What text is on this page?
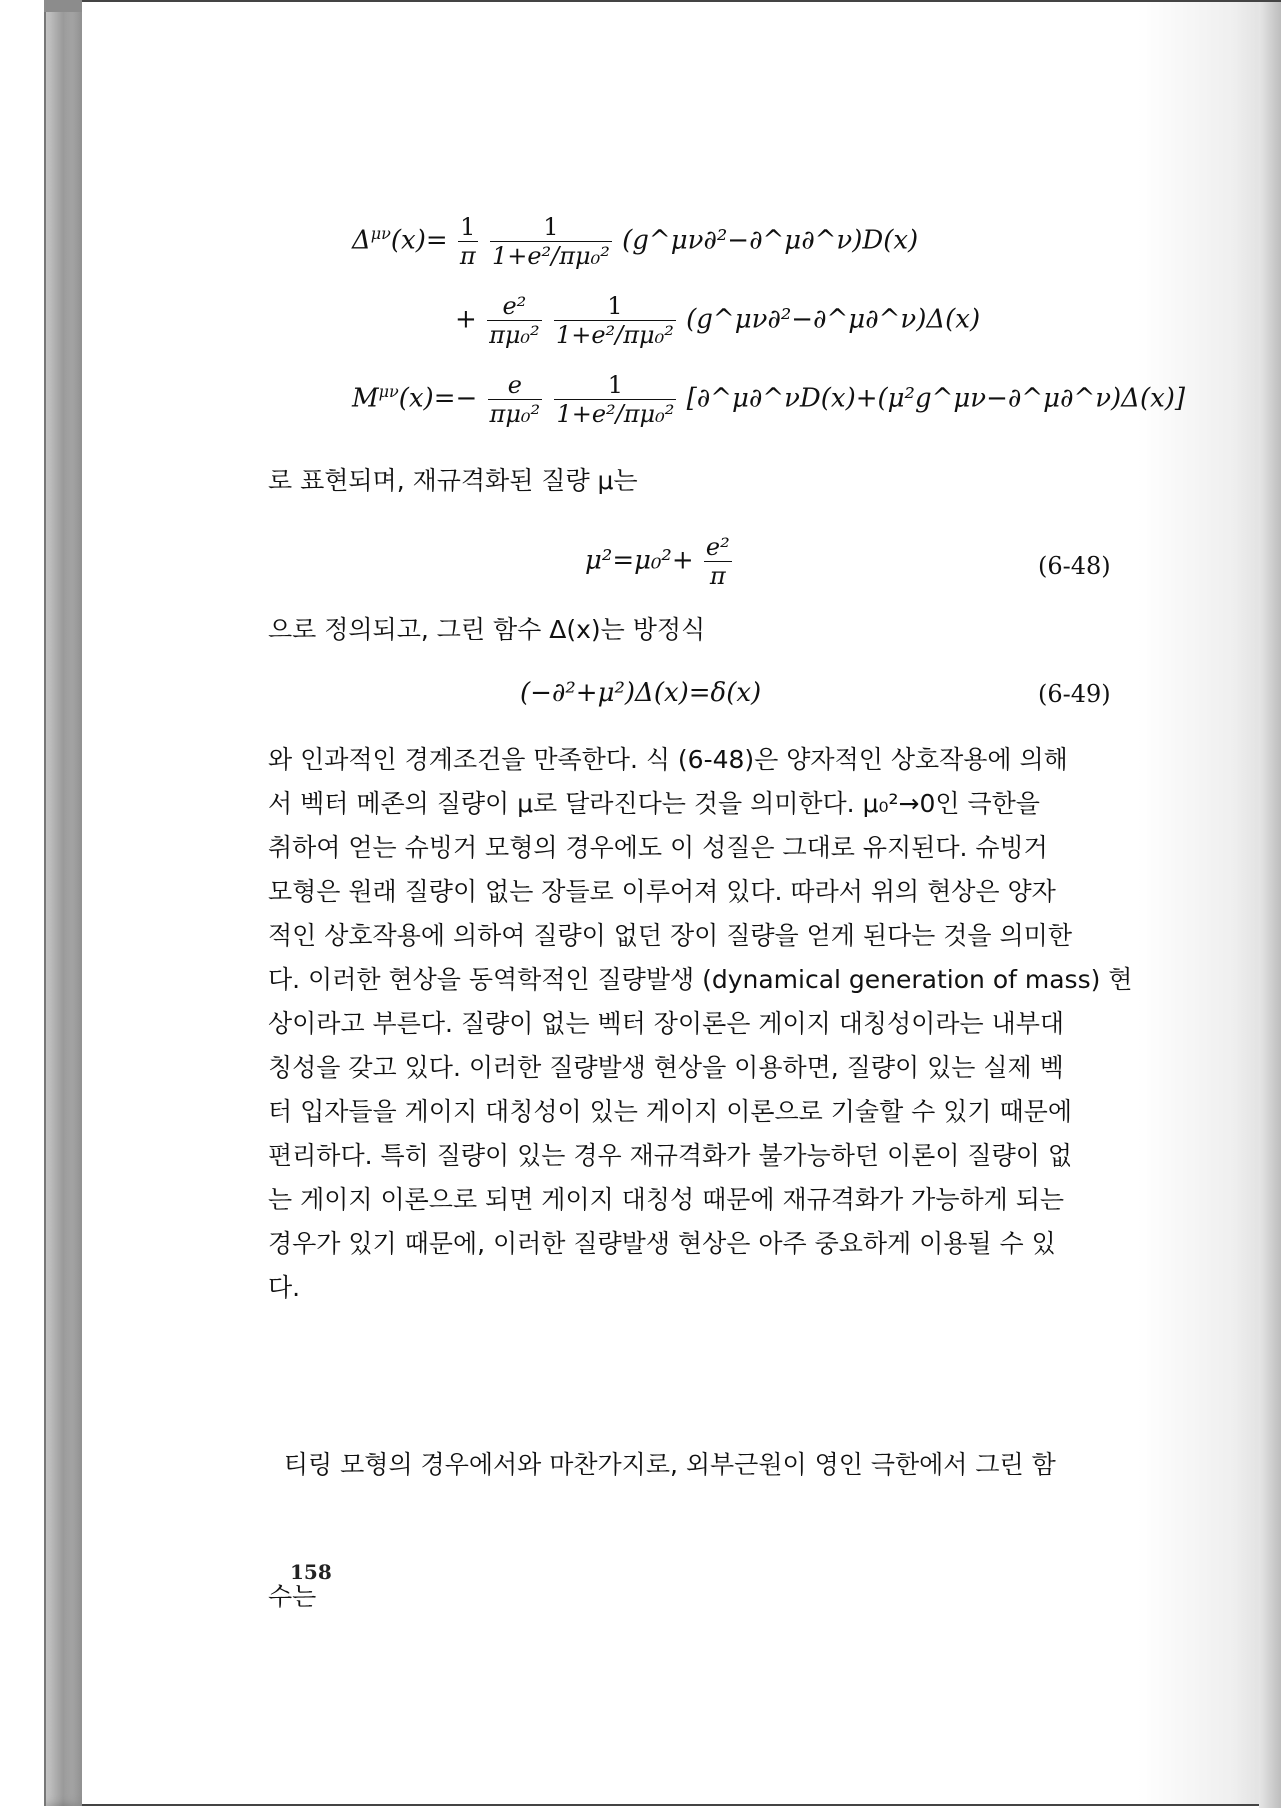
$\Delta^{\mu\nu}(x)= \frac{1}{\pi}$
$\frac{1}{\text{1+e²/πμ₀²}}$ (g^μν∂²−∂^μ∂^ν)D(x)
+ $\frac{\text{e²}}{\text{πμ₀²}}$
$\frac{1}{\text{1+e²/πμ₀²}}$ (g^μν∂²−∂^μ∂^ν)Δ(x)
$M^{\mu\nu}(x)=- \frac{e}{\text{πμ₀²}}$
$\frac{1}{\text{1+e²/πμ₀²}}$ [∂^μ∂^νD(x)+(μ²g^μν−∂^μ∂^ν)Δ(x)]
로 표현되며, 재규격화된 질량 μ는
$\mu^2=\mu_0^2+ \frac{\text{e²}}{\pi}$	(6-48)
으로 정의되고, 그린 함수 Δ(x)는 방정식
(−∂²+μ²)Δ(x)=δ(x)	(6-49)
와 인과적인 경계조건을 만족한다. 식 (6-48)은 양자적인 상호작용에 의해
서 벡터 메존의 질량이 μ로 달라진다는 것을 의미한다. μ₀²→0인 극한을
취하여 얻는 슈빙거 모형의 경우에도 이 성질은 그대로 유지된다. 슈빙거
모형은 원래 질량이 없는 장들로 이루어져 있다. 따라서 위의 현상은 양자
적인 상호작용에 의하여 질량이 없던 장이 질량을 얻게 된다는 것을 의미한
다. 이러한 현상을 동역학적인 질량발생 (dynamical generation of mass) 현
상이라고 부른다. 질량이 없는 벡터 장이론은 게이지 대칭성이라는 내부대
칭성을 갖고 있다. 이러한 질량발생 현상을 이용하면, 질량이 있는 실제 벡
터 입자들을 게이지 대칭성이 있는 게이지 이론으로 기술할 수 있기 때문에
편리하다. 특히 질량이 있는 경우 재규격화가 불가능하던 이론이 질량이 없
는 게이지 이론으로 되면 게이지 대칭성 때문에 재규격화가 가능하게 되는
경우가 있기 때문에, 이러한 질량발생 현상은 아주 중요하게 이용될 수 있
다.

티링 모형의 경우에서와 마찬가지로, 외부근원이 영인 극한에서 그린 함

수는

158
